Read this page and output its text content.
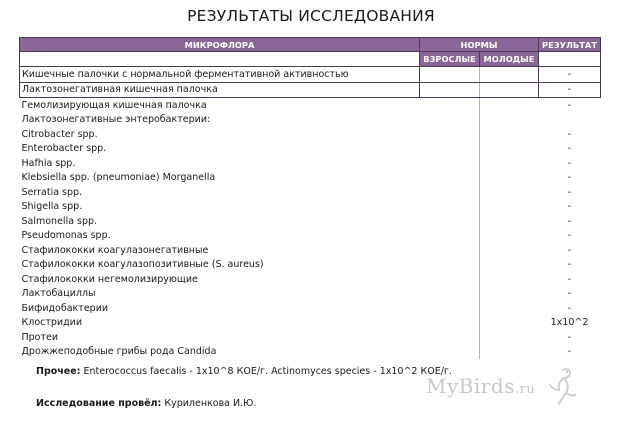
РЕЗУЛЬТАТЫ ИССЛЕДОВАНИЯ
МИКРОФЛОРА	НОРМЫ		РЕЗУЛЬТАТ
	ВЗРОСЛЫЕ	МОЛОДЫЕ	
Кишечные палочки с нормальной ферментативной активностью			-
Лактозонегативная кишечная палочка			-
Гемолизирующая кишечная палочка			-
Лактозонегативные энтеробактерии:			
Citrobacter spp.			-
Enterobacter spp.			-
Hafhia spp.			-
Klebsiella spp. (pneumoniae) Morganella			-
Serratia spp.			-
Shigella spp.			-
Salmonella spp.			-
Pseudomonas spp.			-
Стафилококки коагулазонегативные			-
Стафилококки коагулазопозитивные (S. aureus)			-
Стафилококки негемолизирующие			-
Лактобациллы			-
Бифидобактерии			-
Клостридии			1x10^2
Протеи			-
Дрожжеподобные грибы рода Candida			-
Прочее: Enterococcus faecalis - 1x10^8 КОЕ/г. Actinomyces species - 1x10^2 КОЕ/г.
Исследование провёл: Куриленкова И.Ю.
MyBirds.ru
